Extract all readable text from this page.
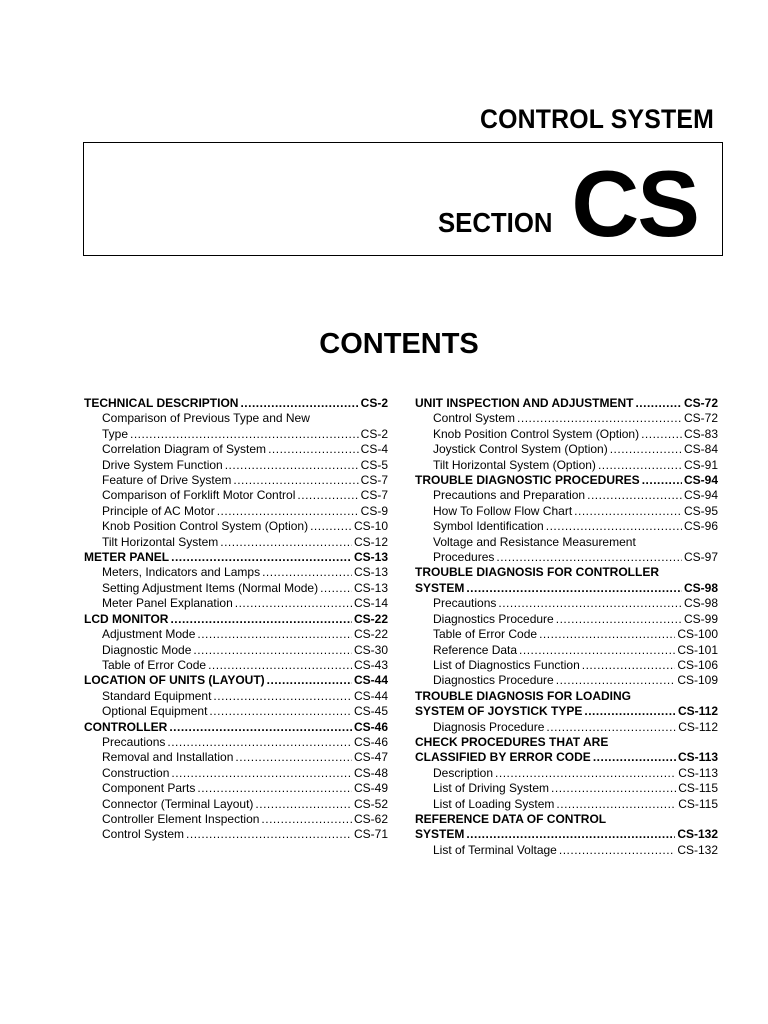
CONTROL SYSTEM
SECTION CS
CONTENTS
TECHNICAL DESCRIPTION .....	CS-2
Comparison of Previous Type and New
Type .....	CS-2
Correlation Diagram of System .....	CS-4
Drive System Function .....	CS-5
Feature of Drive System .....	CS-7
Comparison of Forklift Motor Control .....	CS-7
Principle of AC Motor .....	CS-9
Knob Position Control System (Option) .....	CS-10
Tilt Horizontal System .....	CS-12
METER PANEL .....	CS-13
Meters, Indicators and Lamps .....	CS-13
Setting Adjustment Items (Normal Mode) .....	CS-13
Meter Panel Explanation .....	CS-14
LCD MONITOR .....	CS-22
Adjustment Mode .....	CS-22
Diagnostic Mode .....	CS-30
Table of Error Code .....	CS-43
LOCATION OF UNITS (LAYOUT) .....	CS-44
Standard Equipment .....	CS-44
Optional Equipment .....	CS-45
CONTROLLER .....	CS-46
Precautions .....	CS-46
Removal and Installation .....	CS-47
Construction .....	CS-48
Component Parts .....	CS-49
Connector (Terminal Layout) .....	CS-52
Controller Element Inspection .....	CS-62
Control System .....	CS-71
UNIT INSPECTION AND ADJUSTMENT .....	CS-72
Control System .....	CS-72
Knob Position Control System (Option) .....	CS-83
Joystick Control System (Option) .....	CS-84
Tilt Horizontal System (Option) .....	CS-91
TROUBLE DIAGNOSTIC PROCEDURES .....	CS-94
Precautions and Preparation .....	CS-94
How To Follow Flow Chart .....	CS-95
Symbol Identification .....	CS-96
Voltage and Resistance Measurement
Procedures .....	CS-97
TROUBLE DIAGNOSIS FOR CONTROLLER
SYSTEM .....	CS-98
Precautions .....	CS-98
Diagnostics Procedure .....	CS-99
Table of Error Code .....	CS-100
Reference Data .....	CS-101
List of Diagnostics Function .....	CS-106
Diagnostics Procedure .....	CS-109
TROUBLE DIAGNOSIS FOR LOADING
SYSTEM OF JOYSTICK TYPE .....	CS-112
Diagnosis Procedure .....	CS-112
CHECK PROCEDURES THAT ARE
CLASSIFIED BY ERROR CODE .....	CS-113
Description .....	CS-113
List of Driving System .....	CS-115
List of Loading System .....	CS-115
REFERENCE DATA OF CONTROL
SYSTEM .....	CS-132
List of Terminal Voltage .....	CS-132
